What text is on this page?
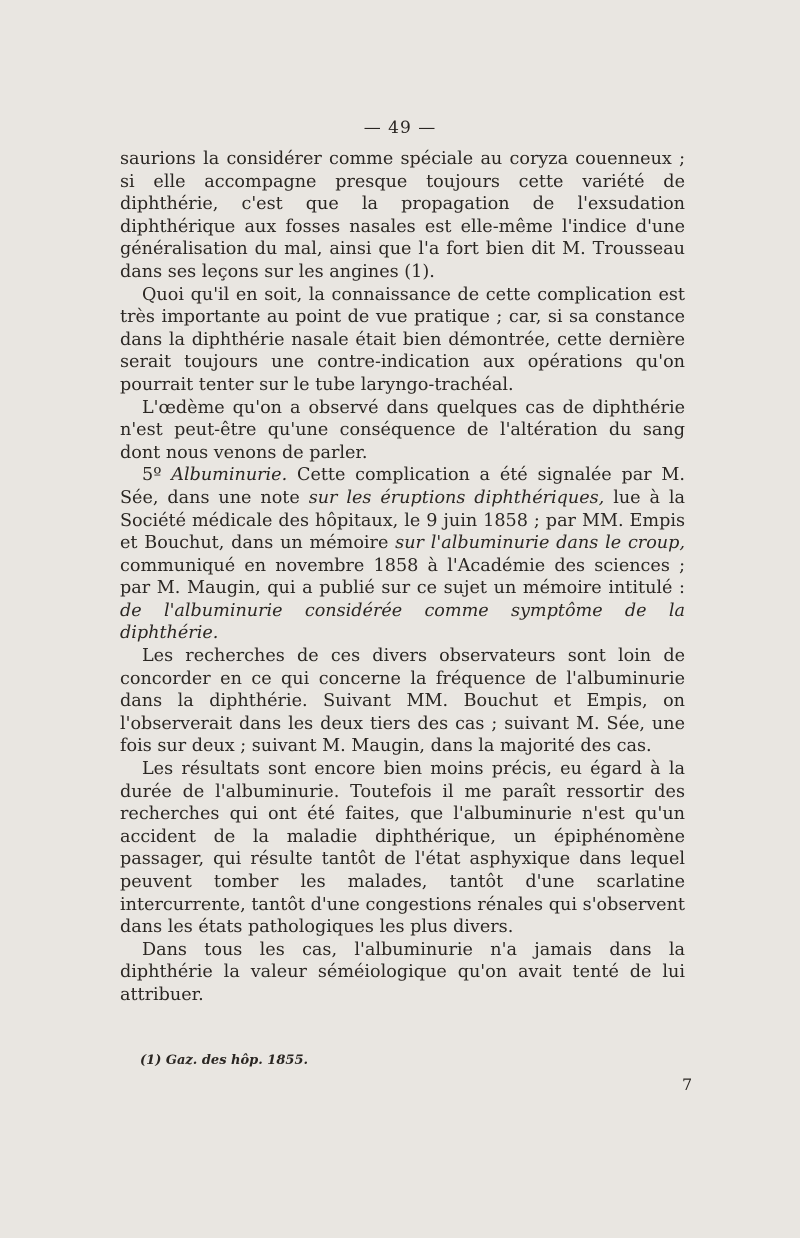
— 49 —

saurions la considérer comme spéciale au coryza couenneux ; si elle accompagne presque toujours cette variété de diphthérie, c'est que la propagation de l'exsudation diphthérique aux fosses nasales est elle-même l'indice d'une généralisation du mal, ainsi que l'a fort bien dit M. Trousseau dans ses leçons sur les angines (1).

Quoi qu'il en soit, la connaissance de cette complication est très importante au point de vue pratique ; car, si sa constance dans la diphthérie nasale était bien démontrée, cette dernière serait toujours une contre-indication aux opérations qu'on pourrait tenter sur le tube laryngo-trachéal.

L'œdème qu'on a observé dans quelques cas de diphthérie n'est peut-être qu'une conséquence de l'altération du sang dont nous venons de parler.

5º Albuminurie. Cette complication a été signalée par M. Sée, dans une note sur les éruptions diphthériques, lue à la Société médicale des hôpitaux, le 9 juin 1858 ; par MM. Empis et Bouchut, dans un mémoire sur l'albuminurie dans le croup, communiqué en novembre 1858 à l'Académie des sciences ; par M. Maugin, qui a publié sur ce sujet un mémoire intitulé : de l'albuminurie considérée comme symptôme de la diphthérie.

Les recherches de ces divers observateurs sont loin de concorder en ce qui concerne la fréquence de l'albuminurie dans la diphthérie. Suivant MM. Bouchut et Empis, on l'observerait dans les deux tiers des cas ; suivant M. Sée, une fois sur deux ; suivant M. Maugin, dans la majorité des cas.

Les résultats sont encore bien moins précis, eu égard à la durée de l'albuminurie. Toutefois il me paraît ressortir des recherches qui ont été faites, que l'albuminurie n'est qu'un accident de la maladie diphthérique, un épiphénomène passager, qui résulte tantôt de l'état asphyxique dans lequel peuvent tomber les malades, tantôt d'une scarlatine intercurrente, tantôt d'une congestions rénales qui s'observent dans les états pathologiques les plus divers.

Dans tous les cas, l'albuminurie n'a jamais dans la diphthérie la valeur séméiologique qu'on avait tenté de lui attribuer.

(1) Gaz. des hôp. 1855.
7
